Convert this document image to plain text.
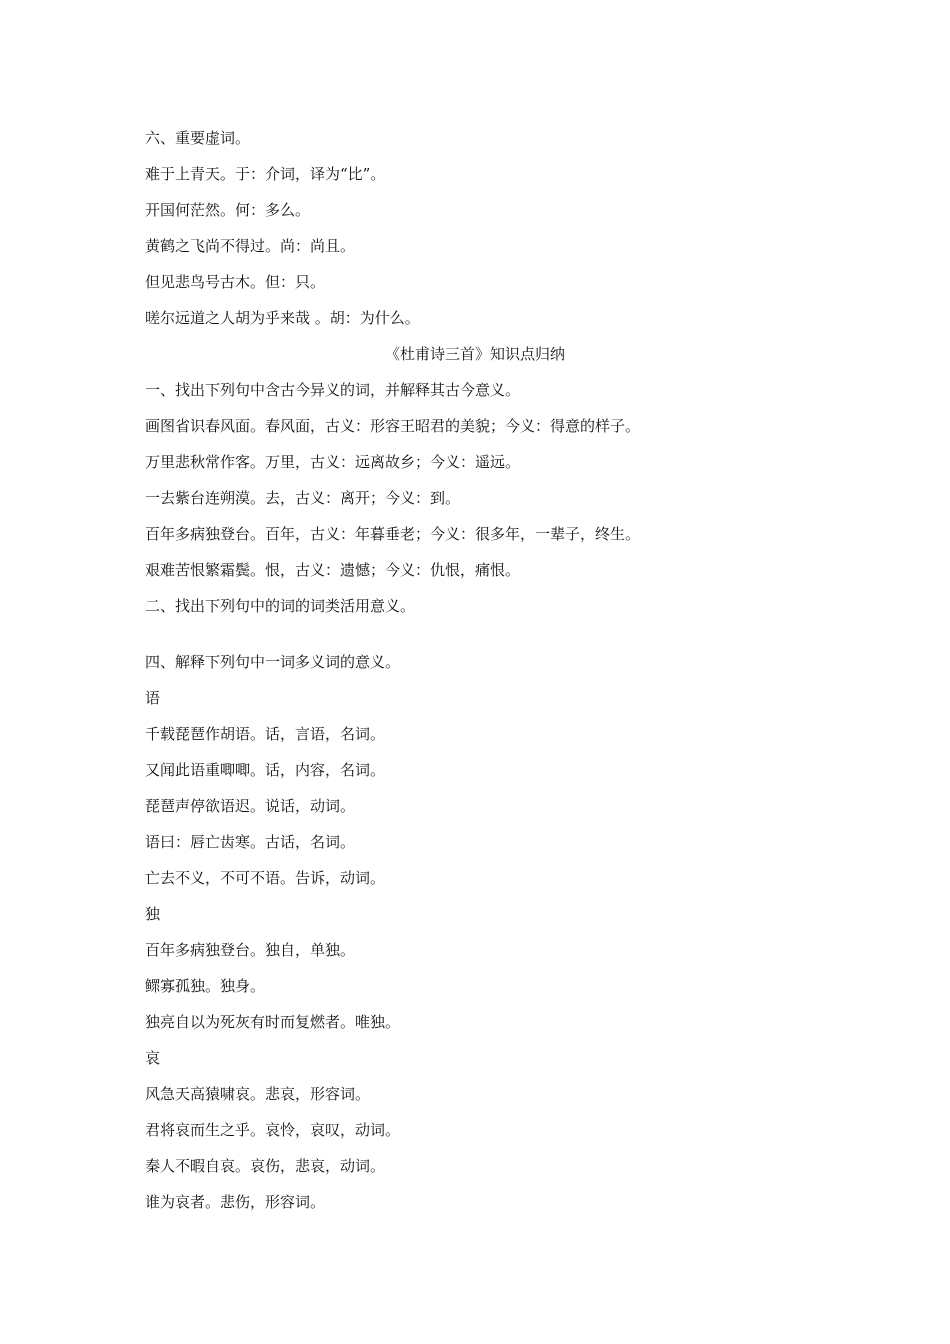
六、重要虚词。
难于上青天。于：介词，译为“比”。
开国何茫然。何：多么。
黄鹤之飞尚不得过。尚：尚且。
但见悲鸟号古木。但：只。
嗟尔远道之人胡为乎来哉 。胡：为什么。
《杜甫诗三首》知识点归纳
一、找出下列句中含古今异义的词，并解释其古今意义。
画图省识春风面。春风面，古义：形容王昭君的美貌；今义：得意的样子。
万里悲秋常作客。万里，古义：远离故乡；今义：遥远。
一去紫台连朔漠。去，古义：离开；今义：到。
百年多病独登台。百年，古义：年暮垂老；今义：很多年，一辈子，终生。
艰难苦恨繁霜鬓。恨，古义：遗憾；今义：仇恨，痛恨。
二、找出下列句中的词的词类活用意义。
四、解释下列句中一词多义词的意义。
语
千载琵琶作胡语。话，言语，名词。
又闻此语重唧唧。话，内容，名词。
琵琶声停欲语迟。说话，动词。
语曰：唇亡齿寒。古话，名词。
亡去不义，不可不语。告诉，动词。
独
百年多病独登台。独自，单独。
鳏寡孤独。独身。
独亮自以为死灰有时而复燃者。唯独。
哀
风急天高猿啸哀。悲哀，形容词。
君将哀而生之乎。哀怜，哀叹，动词。
秦人不暇自哀。哀伤，悲哀，动词。
谁为哀者。悲伤，形容词。
